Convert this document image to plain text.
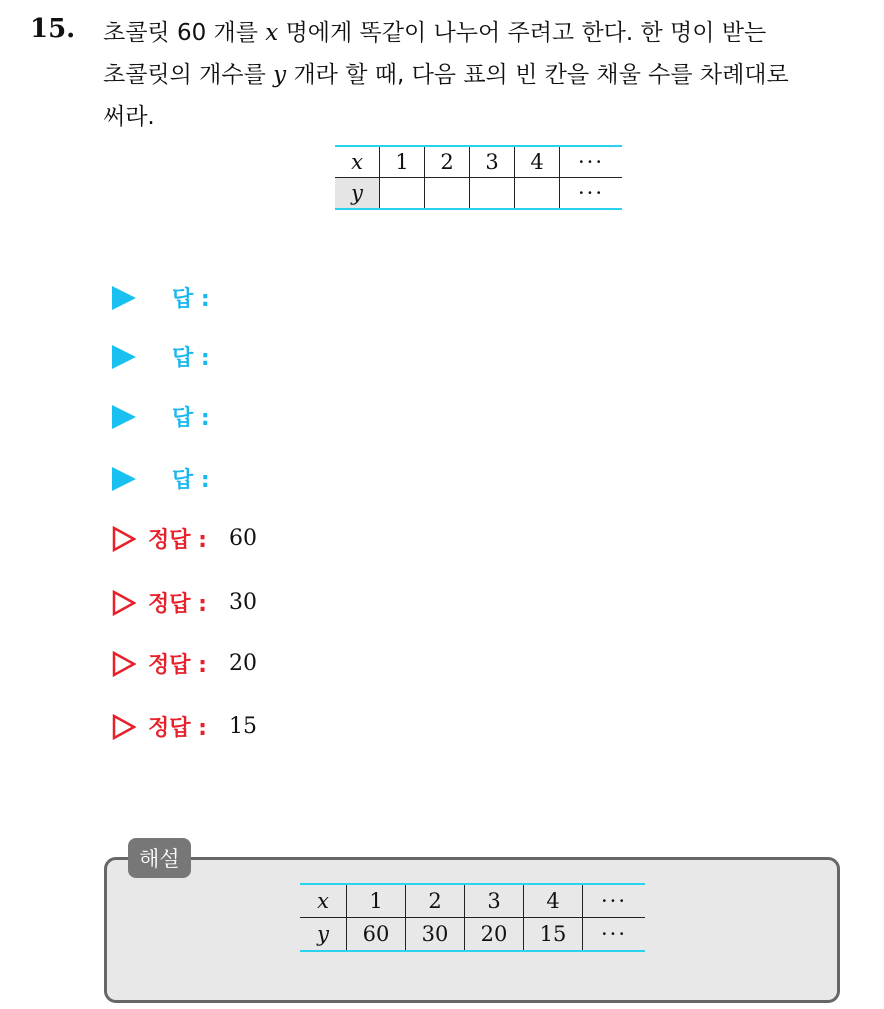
15. 초콜릿 60 개를 x 명에게 똑같이 나누어 주려고 한다. 한 명이 받는
초콜릿의 개수를 y 개라 할 때, 다음 표의 빈 칸을 채울 수를 차례대로
써라.
x	1	2	3	4	···
y					···
답 :
답 :
답 :
답 :
정답 : 60
정답 : 30
정답 : 20
정답 : 15
해설
x	1	2	3	4	···
y	60	30	20	15	···
